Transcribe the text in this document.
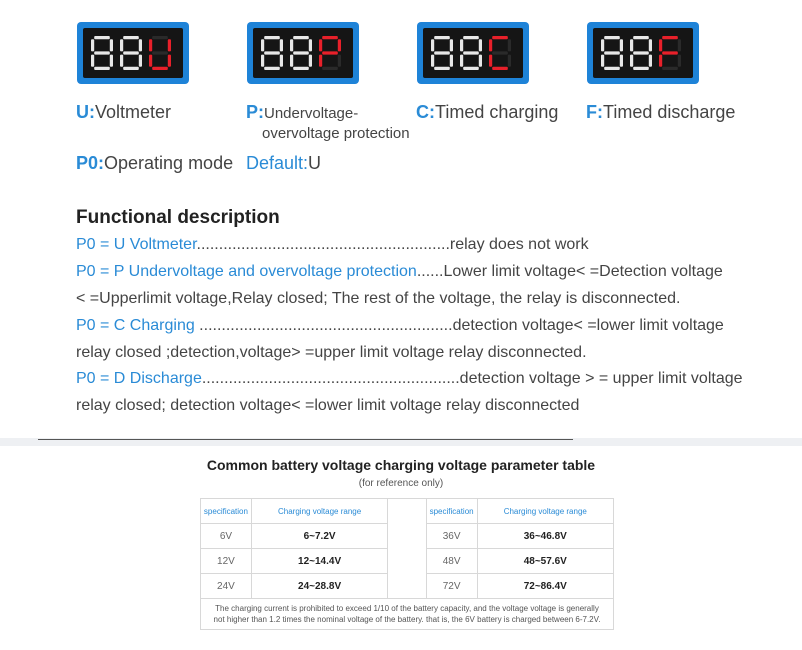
U:Voltmeter	P:Undervoltage-
overvoltage protection
C:Timed charging F:Timed discharge
P0:Operating mode Default:U
Functional description
P0 = U Voltmeter.........................................................relay does not work
P0 = P Undervoltage and overvoltage protection......Lower limit voltage< =Detection voltage
< =Upperlimit voltage,Relay closed; The rest of the voltage, the relay is disconnected.
P0 = C Charging .........................................................detection voltage< =lower limit voltage
relay closed ;detection,voltage> =upper limit voltage relay disconnected.
P0 = D Discharge..........................................................detection voltage > = upper limit voltage
relay closed; detection voltage< =lower limit voltage relay disconnected
Common battery voltage charging voltage parameter table
(for reference only)
specification	Charging voltage range		specification	Charging voltage range
6V	6~7.2V		36V	36~46.8V
12V	12~14.4V		48V	48~57.6V
24V	24~28.8V		72V	72~86.4V
The charging current is prohibited to exceed 1/10 of the battery capacity, and the voltage voltage is generally
not higher than 1.2 times the nominal voltage of the battery. that is, the 6V battery is charged between 6-7.2V.				
